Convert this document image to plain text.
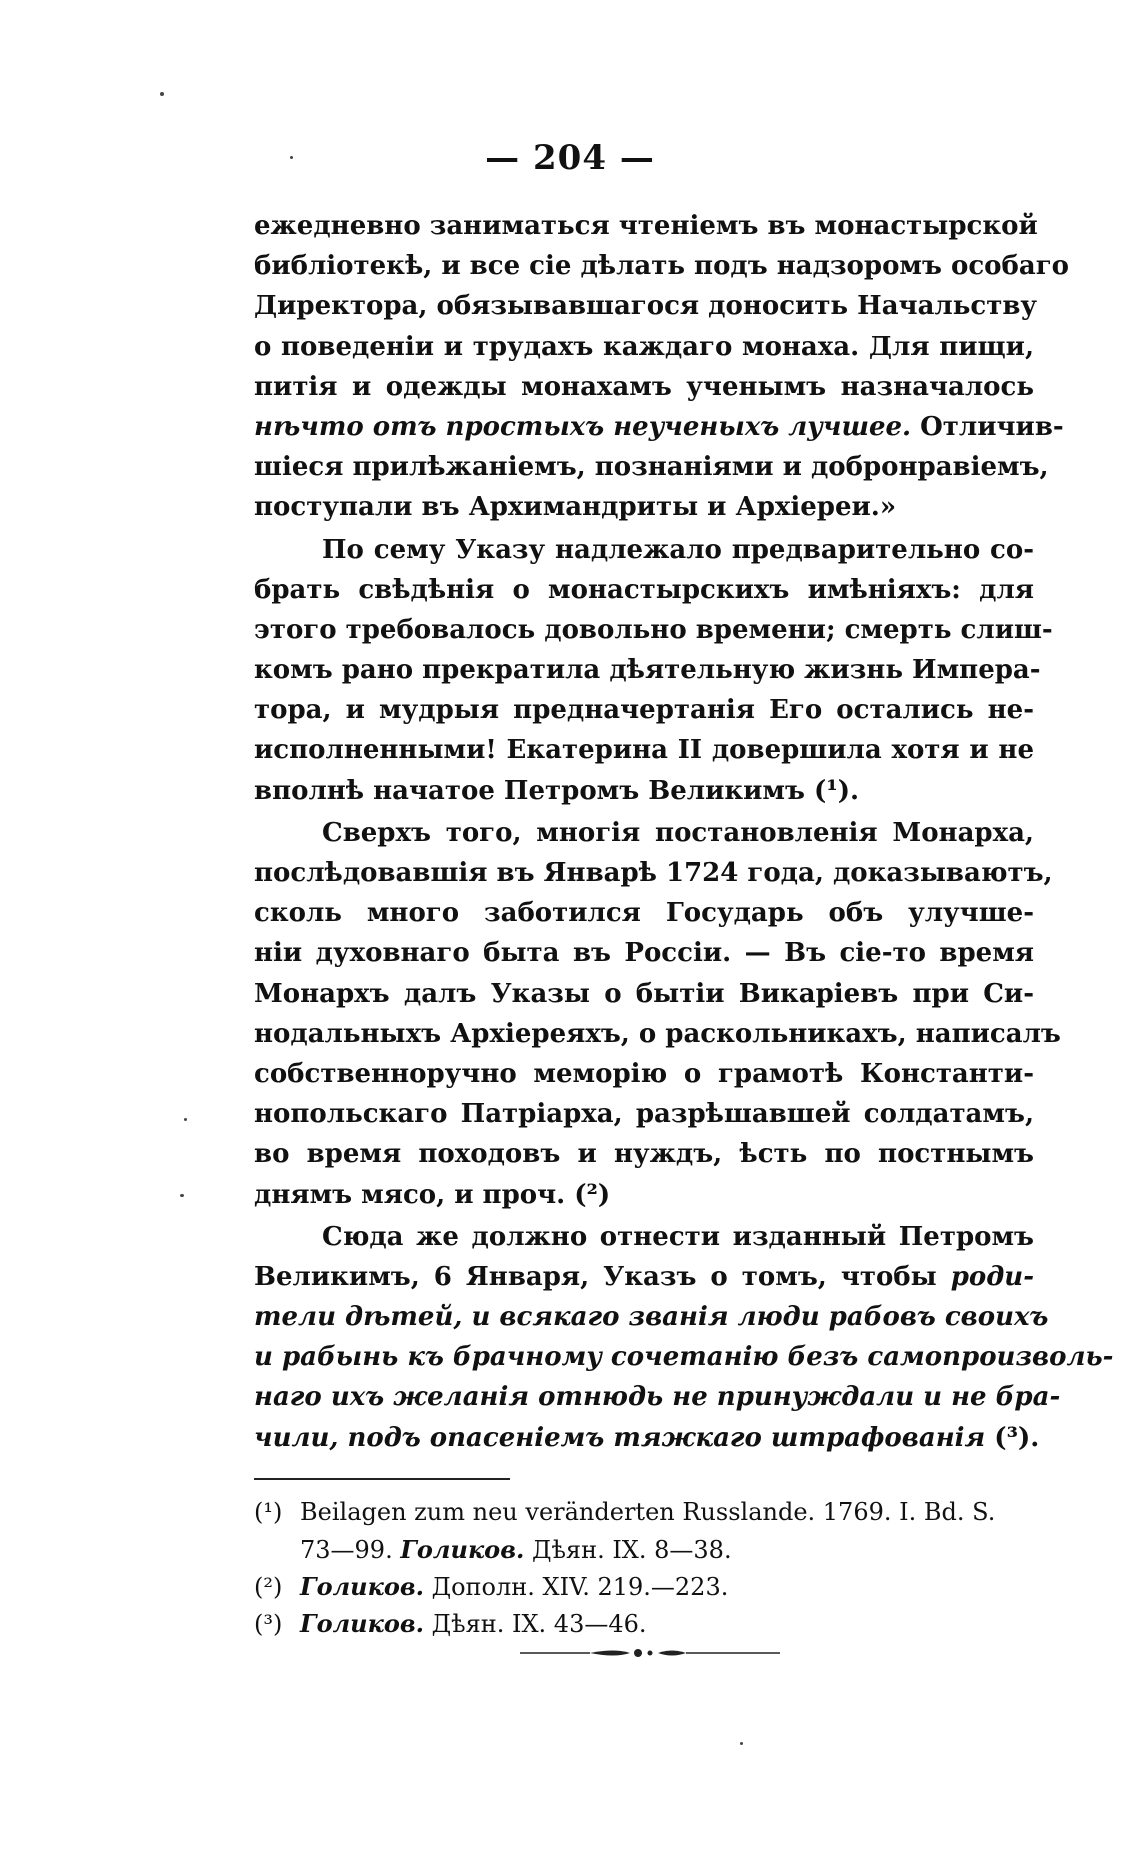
— 204 —
ежедневно заниматься чтеніемъ въ монастырской
библіотекѣ, и все сіе дѣлать подъ надзоромъ особаго
Директора, обязывавшагося доносить Начальству
о поведеніи и трудахъ каждаго монаха. Для пищи,
питія и одежды монахамъ ученымъ назначалось
нѣчто отъ простыхъ неученыхъ лучшее. Отличив-
шіеся прилѣжаніемъ, познаніями и добронравіемъ,
поступали въ Архимандриты и Архіереи.»
По сему Указу надлежало предварительно со-
брать свѣдѣнія о монастырскихъ имѣніяхъ: для
этого требовалось довольно времени; смерть слиш-
комъ рано прекратила дѣятельную жизнь Импера-
тора, и мудрыя предначертанія Его остались не-
исполненными! Екатерина II довершила хотя и не
вполнѣ начатое Петромъ Великимъ (¹).
Сверхъ того, многія постановленія Монарха,
послѣдовавшія въ Январѣ 1724 года, доказываютъ,
сколь много заботился Государь объ улучше-
ніи духовнаго быта въ Россіи. — Въ сіе-то время
Монархъ далъ Указы о бытіи Викаріевъ при Си-
нодальныхъ Архіереяхъ, о раскольникахъ, написалъ
собственноручно меморію о грамотѣ Константи-
нопольскаго Патріарха, разрѣшавшей солдатамъ,
во время походовъ и нуждъ, ѣсть по постнымъ
днямъ мясо, и проч. (²)
Сюда же должно отнести изданный Петромъ
Великимъ, 6 Января, Указъ о томъ, чтобы роди-
тели дѣтей, и всякаго званія люди рабовъ своихъ
и рабынь къ брачному сочетанію безъ самопроизволь-
наго ихъ желанія отнюдь не принуждали и не бра-
чили, подъ опасеніемъ тяжкаго штрафованія (³).
(¹) Beilagen zum neu veränderten Russlande. 1769. I. Bd. S.
73—99. Голиков. Дѣян. IX. 8—38.
(²) Голиков. Дополн. XIV. 219.—223.
(³) Голиков. Дѣян. IX. 43—46.
